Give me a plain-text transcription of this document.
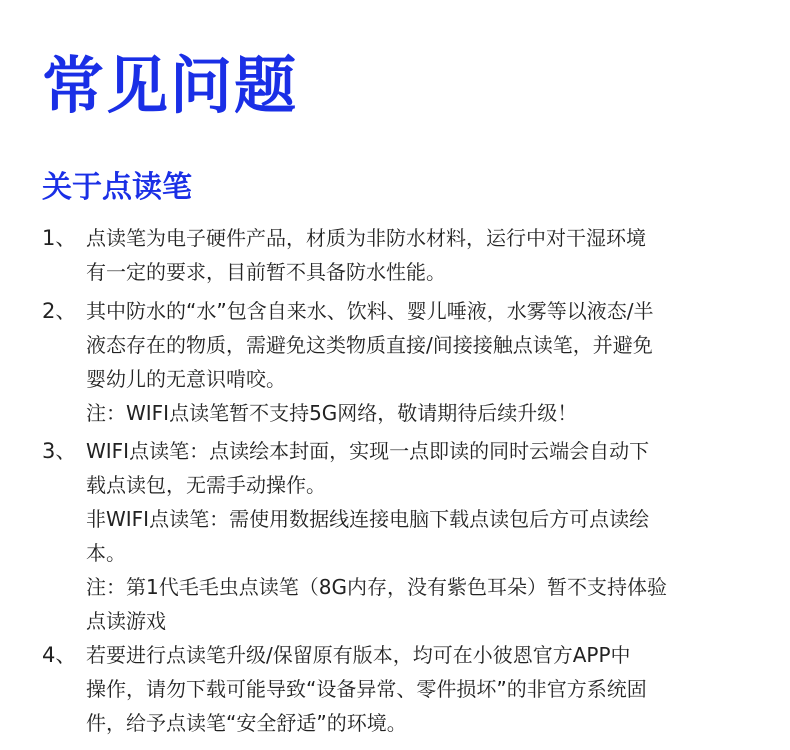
常见问题
关于点读笔
1、 点读笔为电子硬件产品，材质为非防水材料，运行中对干湿环境
有一定的要求，目前暂不具备防水性能。
2、 其中防水的“水”包含自来水、饮料、婴儿唾液，水雾等以液态/半
液态存在的物质，需避免这类物质直接/间接接触点读笔，并避免
婴幼儿的无意识啃咬。
注：WIFI点读笔暂不支持5G网络，敬请期待后续升级！
3、 WIFI点读笔：点读绘本封面，实现一点即读的同时云端会自动下
载点读包，无需手动操作。
非WIFI点读笔：需使用数据线连接电脑下载点读包后方可点读绘
本。
注：第1代毛毛虫点读笔（8G内存，没有紫色耳朵）暂不支持体验
点读游戏
4、 若要进行点读笔升级/保留原有版本，均可在小彼恩官方APP中
操作，请勿下载可能导致“设备异常、零件损坏”的非官方系统固
件，给予点读笔“安全舒适”的环境。
